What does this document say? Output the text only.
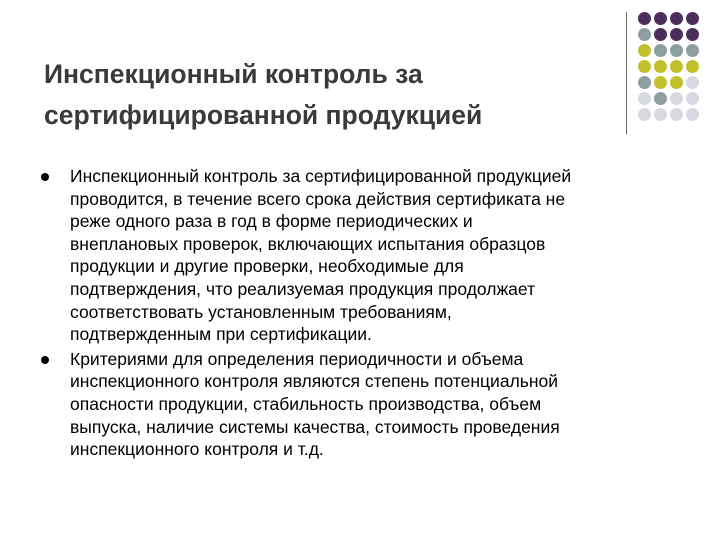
Инспекционный контроль за
сертифицированной продукцией
Инспекционный контроль за сертифицированной продукцией
проводится, в течение всего срока действия сертификата не
реже одного раза в год в форме периодических и
внеплановых проверок, включающих испытания образцов
продукции и другие проверки, необходимые для
подтверждения, что реализуемая продукция продолжает
соответствовать установленным требованиям,
подтвержденным при сертификации.
Критериями для определения периодичности и объема
инспекционного контроля являются степень потенциальной
опасности продукции, стабильность производства, объем
выпуска, наличие системы качества, стоимость проведения
инспекционного контроля и т.д.
